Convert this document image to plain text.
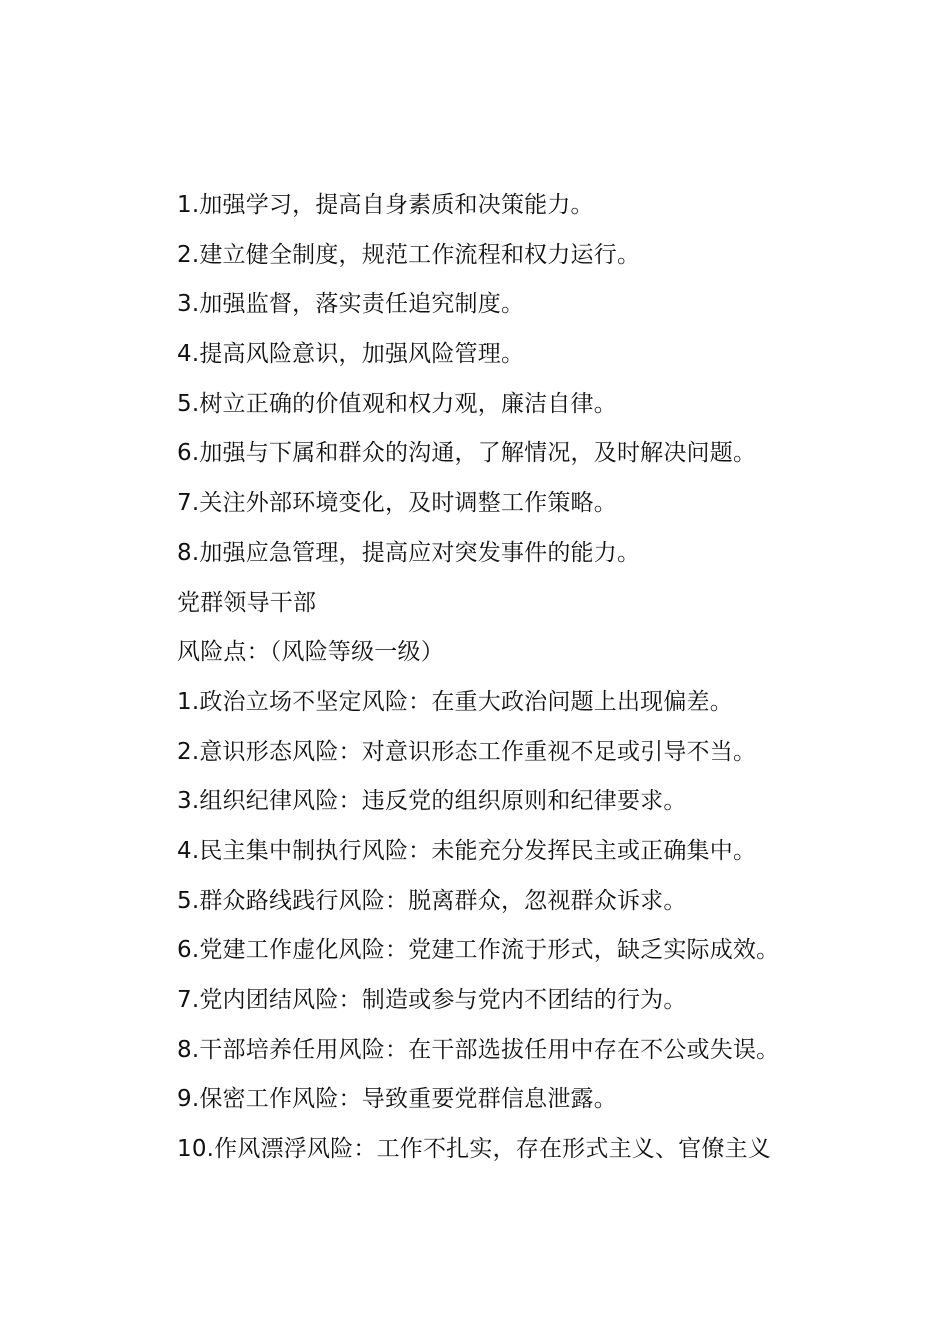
1.加强学习，提高自身素质和决策能力。
2.建立健全制度，规范工作流程和权力运行。
3.加强监督，落实责任追究制度。
4.提高风险意识，加强风险管理。
5.树立正确的价值观和权力观，廉洁自律。
6.加强与下属和群众的沟通，了解情况，及时解决问题。
7.关注外部环境变化，及时调整工作策略。
8.加强应急管理，提高应对突发事件的能力。
党群领导干部
风险点：（风险等级一级）
1.政治立场不坚定风险：在重大政治问题上出现偏差。
2.意识形态风险：对意识形态工作重视不足或引导不当。
3.组织纪律风险：违反党的组织原则和纪律要求。
4.民主集中制执行风险：未能充分发挥民主或正确集中。
5.群众路线践行风险：脱离群众，忽视群众诉求。
6.党建工作虚化风险：党建工作流于形式，缺乏实际成效。
7.党内团结风险：制造或参与党内不团结的行为。
8.干部培养任用风险：在干部选拔任用中存在不公或失误。
9.保密工作风险：导致重要党群信息泄露。
10.作风漂浮风险：工作不扎实，存在形式主义、官僚主义
